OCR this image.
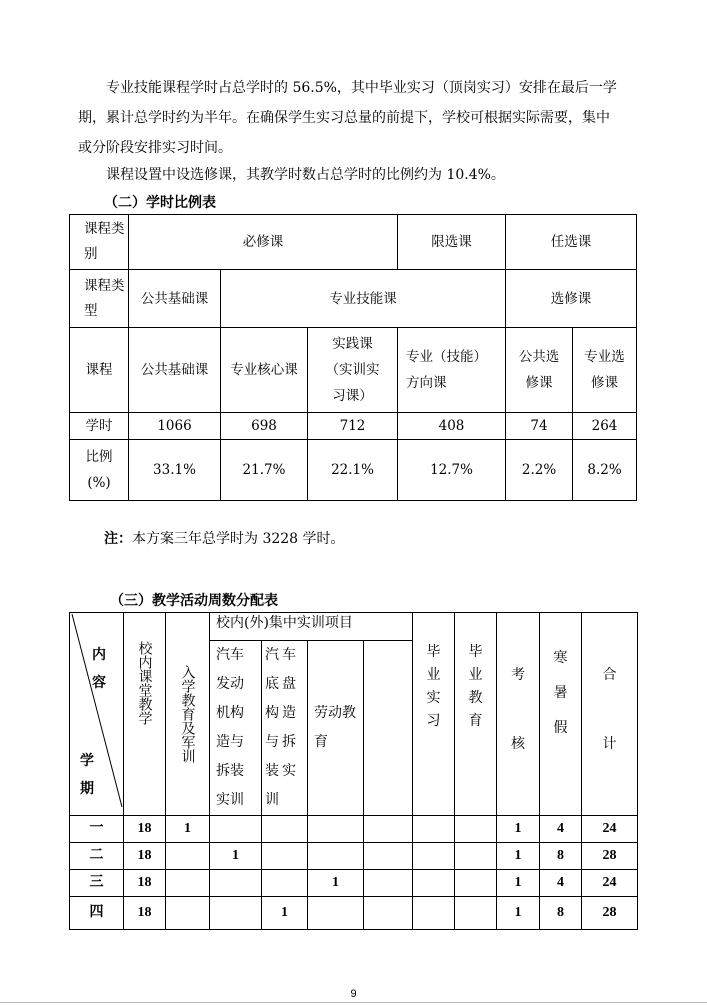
专业技能课程学时占总学时的 56.5%，其中毕业实习（顶岗实习）安排在最后一学期，累计总学时约为半年。在确保学生实习总量的前提下，学校可根据实际需要，集中或分阶段安排实习时间。
课程设置中设选修课，其教学时数占总学时的比例约为 10.4%。
（二）学时比例表
课程类别	必修课			限选课	任选课	
课程类型	公共基础课	专业技能课			选修课	
课程	公共基础课	专业核心课	实践课（实训实习课）	专业（技能）方向课	公共选修课	专业选修课
学时	1066	698	712	408	74	264
比例(%)	33.1%	21.7%	22.1%	12.7%	2.2%	8.2%
注：本方案三年总学时为 3228 学时。
（三）教学活动周数分配表
内容
学期	校内课堂教学	入学教育及军训	校内(外)集中实训项目				毕业实习	毕业教育	考核	寒暑假	合计

			汽车发动机构造与拆装实训	汽车底盘构造与拆装实训	劳动教育						

一	18	1							1	4	24
二	18		1						1	8	28
三	18				1				1	4	24
四	18			1					1	8	28
9
